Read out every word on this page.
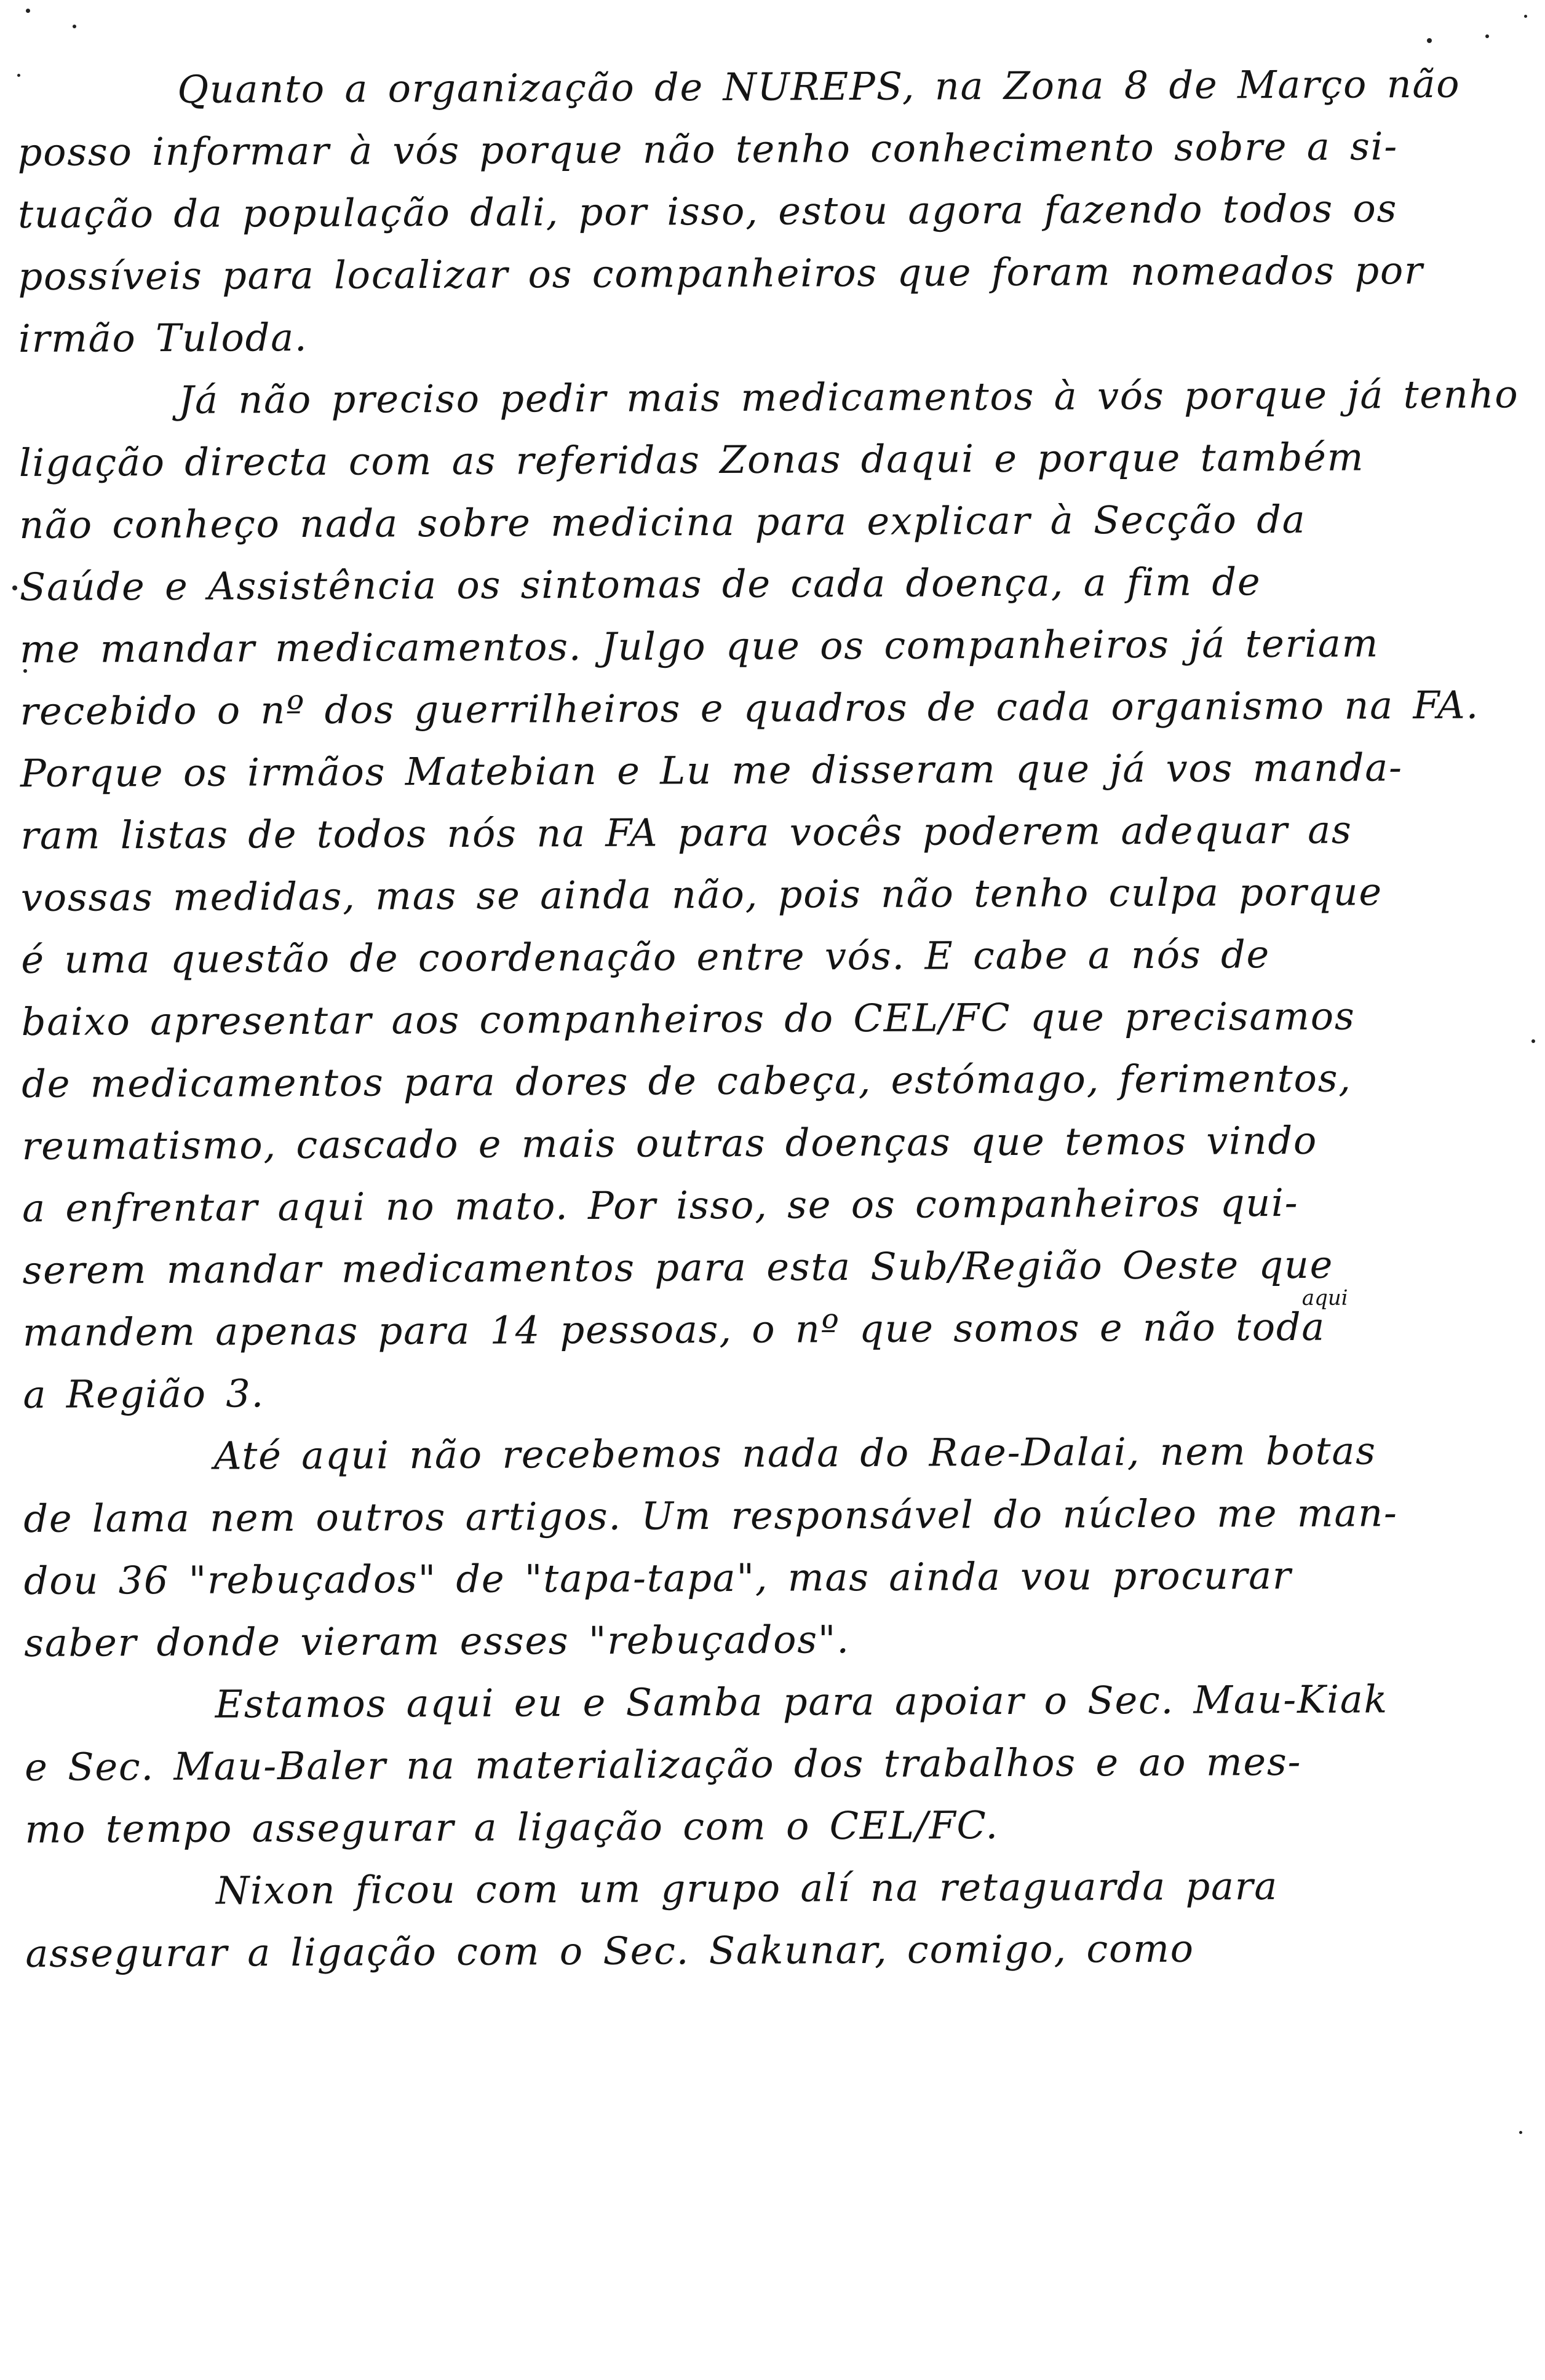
Quanto a organização de NUREPS, na Zona 8 de Março não
posso informar à vós porque não tenho conhecimento sobre a si-
tuação da população dali, por isso, estou agora fazendo todos os
possíveis para localizar os companheiros que foram nomeados por
irmão Tuloda.
Já não preciso pedir mais medicamentos à vós porque já tenho
ligação directa com as referidas Zonas daqui e porque também
não conheço nada sobre medicina para explicar à Secção da
Saúde e Assistência os sintomas de cada doença, a fim de
me mandar medicamentos. Julgo que os companheiros já teriam
recebido o nº dos guerrilheiros e quadros de cada organismo na FA.
Porque os irmãos Matebian e Lu me disseram que já vos manda-
ram listas de todos nós na FA para vocês poderem adequar as
vossas medidas, mas se ainda não, pois não tenho culpa porque
é uma questão de coordenação entre vós. E cabe a nós de
baixo apresentar aos companheiros do CEL/FC que precisamos
de medicamentos para dores de cabeça, estómago, ferimentos,
reumatismo, cascado e mais outras doenças que temos vindo
a enfrentar aqui no mato. Por isso, se os companheiros qui-
serem mandar medicamentos para esta Sub/Região Oeste que
aqui
mandem apenas para 14 pessoas, o nº que somos e não toda
a Região 3.
Até aqui não recebemos nada do Rae-Dalai, nem botas
de lama nem outros artigos. Um responsável do núcleo me man-
dou 36 "rebuçados" de "tapa-tapa", mas ainda vou procurar
saber donde vieram esses "rebuçados".
Estamos aqui eu e Samba para apoiar o Sec. Mau-Kiak
e Sec. Mau-Baler na materialização dos trabalhos e ao mes-
mo tempo assegurar a ligação com o CEL/FC.
Nixon ficou com um grupo alí na retaguarda para
assegurar a ligação com o Sec. Sakunar, comigo, como
